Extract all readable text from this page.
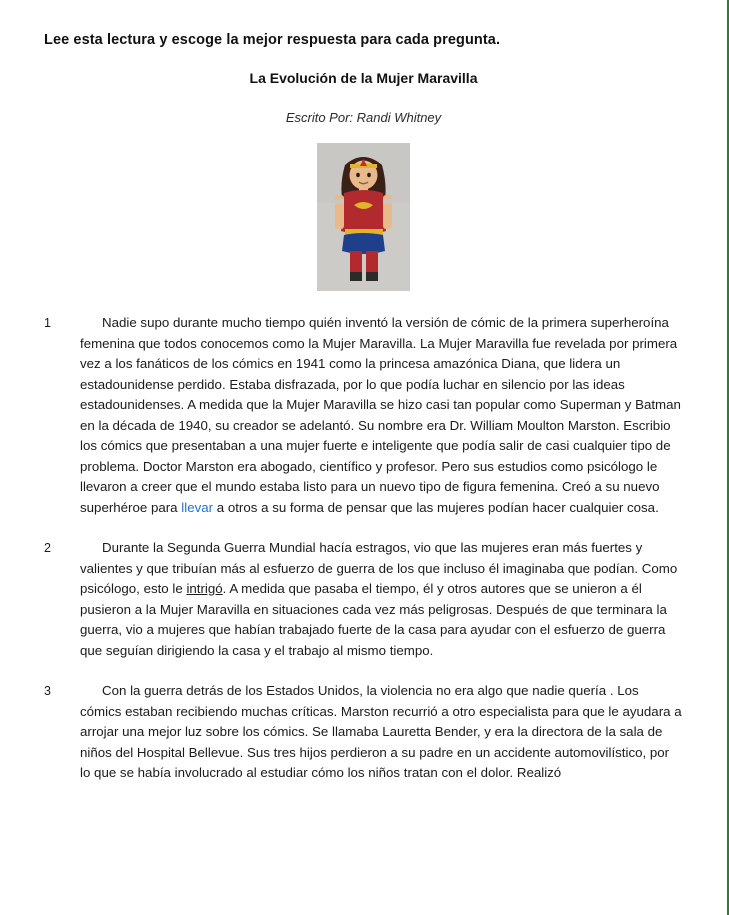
Lee esta lectura y escoge la mejor respuesta para cada pregunta.
La Evolución de la Mujer Maravilla
Escrito Por: Randi Whitney
1	Nadie supo durante mucho tiempo quién inventó la versión de cómic de la primera superheroína femenina que todos conocemos como la Mujer Maravilla. La Mujer Maravilla fue revelada por primera vez a los fanáticos de los cómics en 1941 como la princesa amazónica Diana, que lidera un estadounidense perdido. Estaba disfrazada, por lo que podía luchar en silencio por las ideas estadounidenses. A medida que la Mujer Maravilla se hizo casi tan popular como Superman y Batman en la década de 1940, su creador se adelantó. Su nombre era Dr. William Moulton Marston. Escribio los cómics que presentaban a una mujer fuerte e inteligente que podía salir de casi cualquier tipo de problema. Doctor Marston era abogado, científico y profesor. Pero sus estudios como psicólogo le llevaron a creer que el mundo estaba listo para un nuevo tipo de figura femenina. Creó a su nuevo superhéroe para llevar a otros a su forma de pensar que las mujeres podían hacer cualquier cosa.
2	Durante la Segunda Guerra Mundial hacía estragos, vio que las mujeres eran más fuertes y valientes y que tribuían más al esfuerzo de guerra de los que incluso él imaginaba que podían. Como psicólogo, esto le intrigó. A medida que pasaba el tiempo, él y otros autores que se unieron a él pusieron a la Mujer Maravilla en situaciones cada vez más peligrosas. Después de que terminara la guerra, vio a mujeres que habían trabajado fuerte de la casa para ayudar con el esfuerzo de guerra que seguían dirigiendo la casa y el trabajo al mismo tiempo.
3	Con la guerra detrás de los Estados Unidos, la violencia no era algo que nadie quería . Los cómics estaban recibiendo muchas críticas. Marston recurrió a otro especialista para que le ayudara a arrojar una mejor luz sobre los cómics. Se llamaba Lauretta Bender, y era la directora de la sala de niños del Hospital Bellevue. Sus tres hijos perdieron a su padre en un accidente automovilístico, por lo que se había involucrado al estudiar cómo los niños tratan con el dolor. Realizó
